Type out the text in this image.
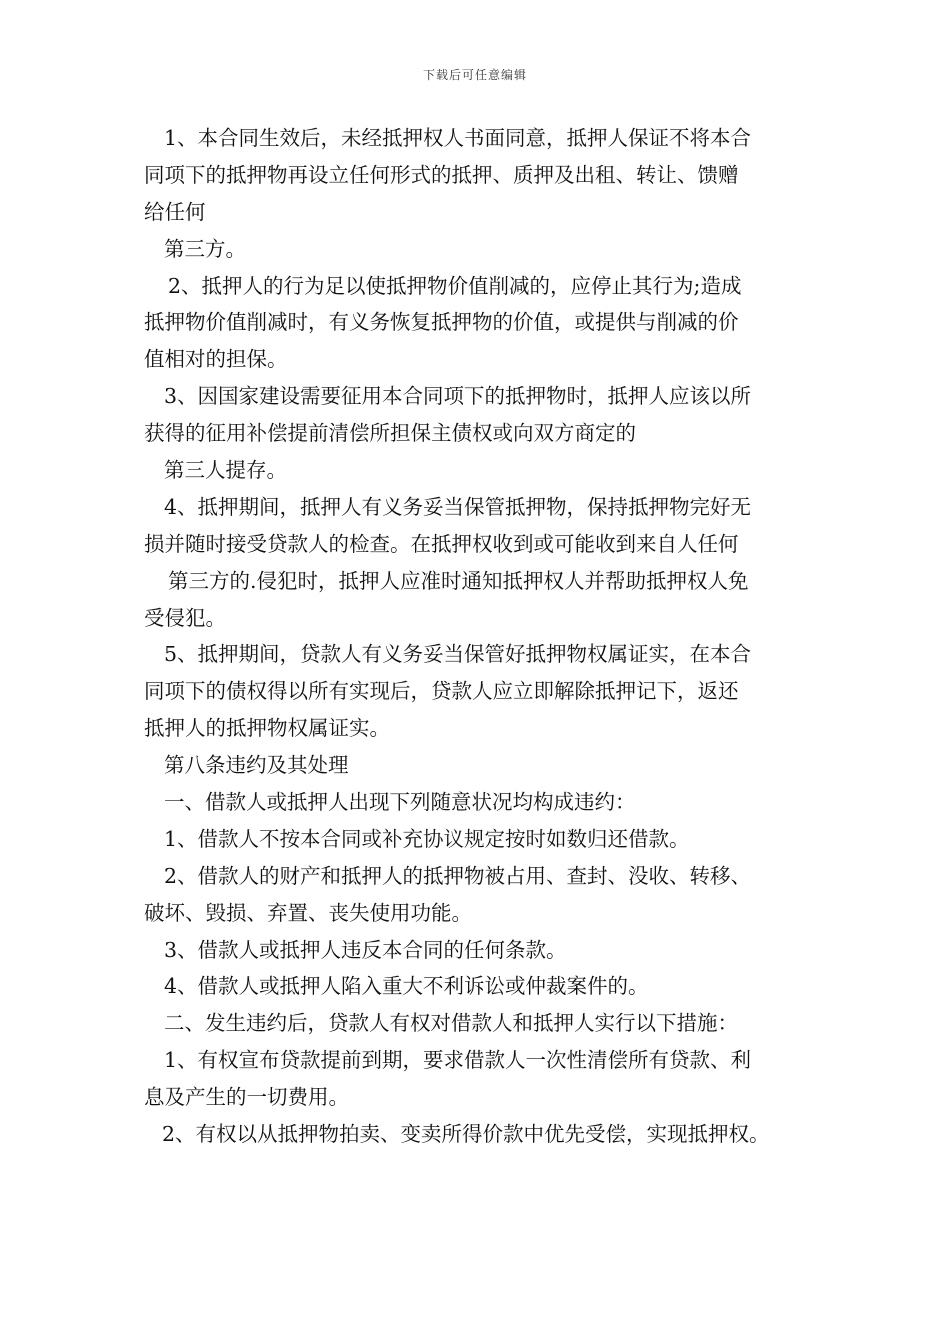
下载后可任意编辑
1、本合同生效后，未经抵押权人书面同意，抵押人保证不将本合
同项下的抵押物再设立任何形式的抵押、质押及出租、转让、馈赠
给任何
第三方。
2、抵押人的行为足以使抵押物价值削减的，应停止其行为;造成
抵押物价值削减时，有义务恢复抵押物的价值，或提供与削减的价
值相对的担保。
3、因国家建设需要征用本合同项下的抵押物时，抵押人应该以所
获得的征用补偿提前清偿所担保主债权或向双方商定的
第三人提存。
4、抵押期间，抵押人有义务妥当保管抵押物，保持抵押物完好无
损并随时接受贷款人的检查。在抵押权收到或可能收到来自人任何
第三方的.侵犯时，抵押人应准时通知抵押权人并帮助抵押权人免
受侵犯。
5、抵押期间，贷款人有义务妥当保管好抵押物权属证实，在本合
同项下的债权得以所有实现后，贷款人应立即解除抵押记下，返还
抵押人的抵押物权属证实。
第八条违约及其处理
一、借款人或抵押人出现下列随意状况均构成违约：
1、借款人不按本合同或补充协议规定按时如数归还借款。
2、借款人的财产和抵押人的抵押物被占用、查封、没收、转移、
破坏、毁损、弃置、丧失使用功能。
3、借款人或抵押人违反本合同的任何条款。
4、借款人或抵押人陷入重大不利诉讼或仲裁案件的。
二、发生违约后，贷款人有权对借款人和抵押人实行以下措施：
1、有权宣布贷款提前到期，要求借款人一次性清偿所有贷款、利
息及产生的一切费用。
2、有权以从抵押物拍卖、变卖所得价款中优先受偿，实现抵押权。
